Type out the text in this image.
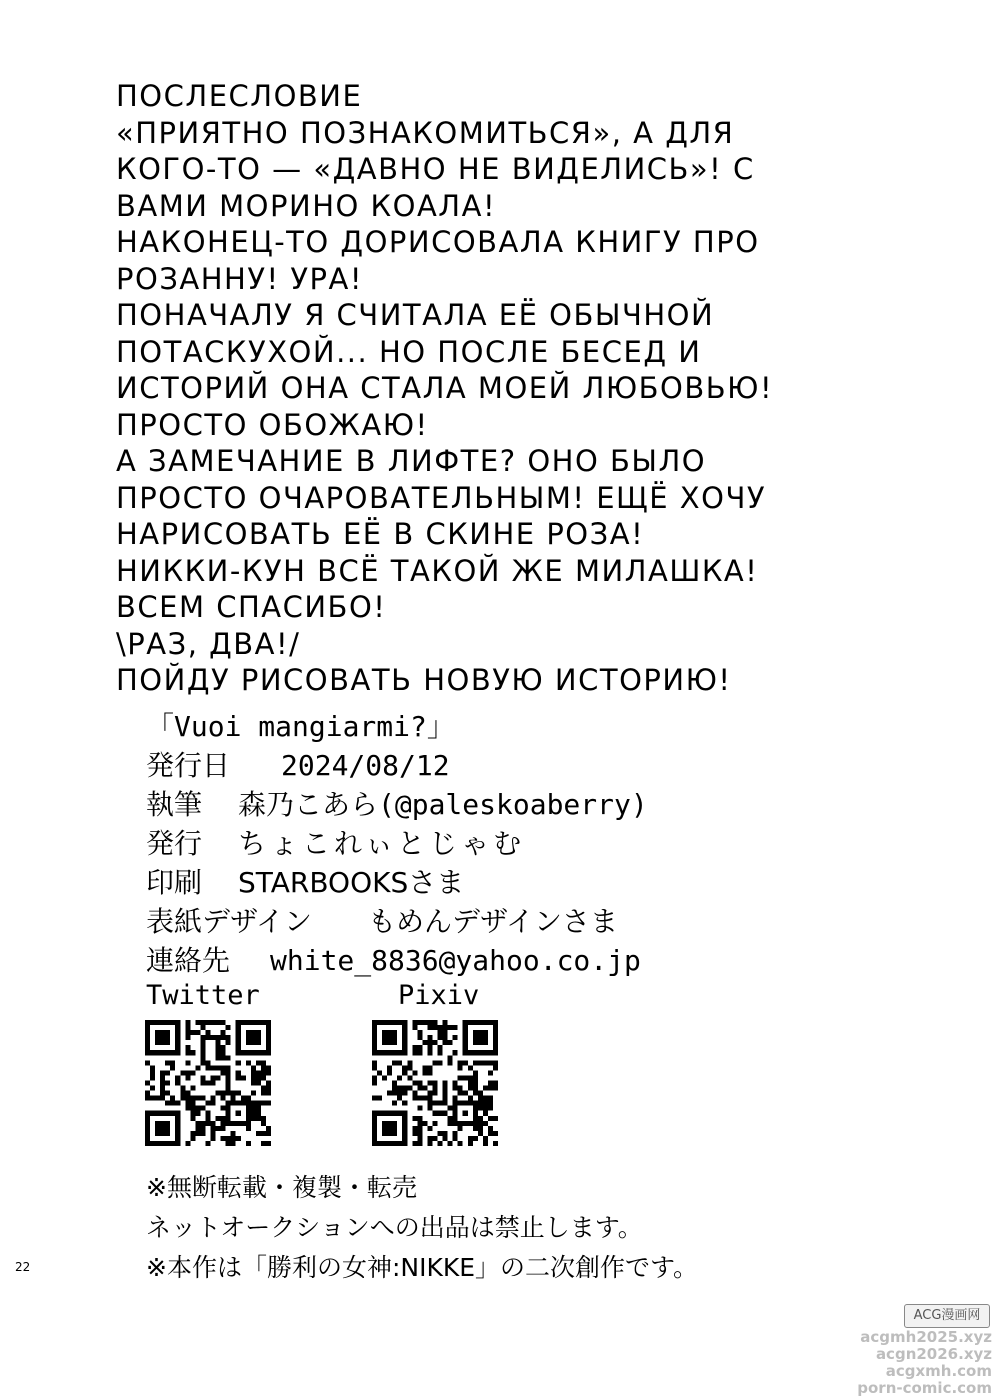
ПОСЛЕСЛОВИЕ
«ПРИЯТНО ПОЗНАКОМИТЬСЯ», А ДЛЯ
КОГО-ТО — «ДАВНО НЕ ВИДЕЛИСЬ»! С
ВАМИ МОРИНО КОАЛА!
НАКОНЕЦ-ТО ДОРИСОВАЛА КНИГУ ПРО
РОЗАННУ! УРА!
ПОНАЧАЛУ Я СЧИТАЛА ЕЁ ОБЫЧНОЙ
ПОТАСКУХОЙ... НО ПОСЛЕ БЕСЕД И
ИСТОРИЙ ОНА СТАЛА МОЕЙ ЛЮБОВЬЮ!
ПРОСТО ОБОЖАЮ!
А ЗАМЕЧАНИЕ В ЛИФТЕ? ОНО БЫЛО
ПРОСТО ОЧАРОВАТЕЛЬНЫМ! ЕЩЁ ХОЧУ
НАРИСОВАТЬ ЕЁ В СКИНЕ РОЗА!
НИККИ-КУН ВСЁ ТАКОЙ ЖЕ МИЛАШКА!
ВСЕМ СПАСИБО!
\РАЗ, ДВА!/
ПОЙДУ РИСОВАТЬ НОВУЮ ИСТОРИЮ!
「Vuoi mangiarmi?」
発行日 2024/08/12
執筆 森乃こあら(@paleskoaberry)
発行 ちょこれぃとじゃむ
印刷 STARBOOKSさま
表紙デザイン もめんデザインさま
連絡先 white_8836@yahoo.co.jp
Twitter	Pixiv
※無断転載・複製・転売
ネットオークションへの出品は禁止します。
※本作は「勝利の女神:NIKKE」の二次創作です。
22
ACG漫画网
acgmh2025.xyz
acgn2026.xyz
acgxmh.com
porn-comic.com
